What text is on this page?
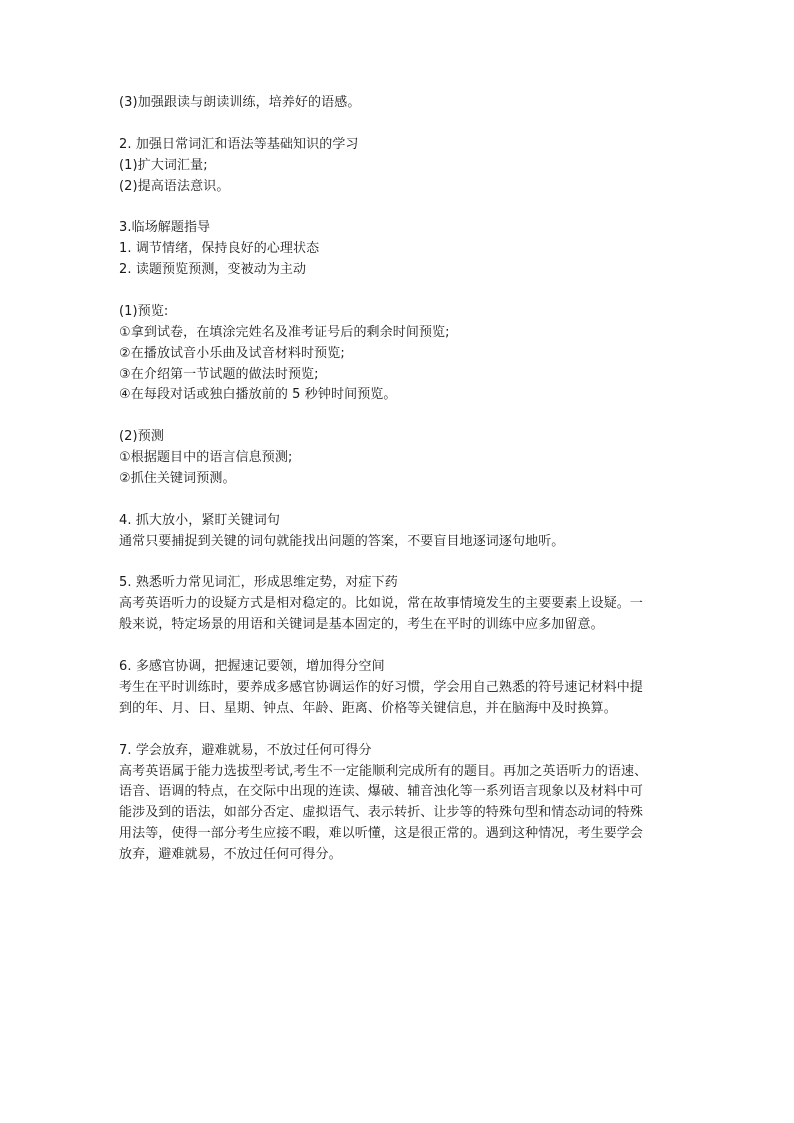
(3)加强跟读与朗读训练，培养好的语感。
2. 加强日常词汇和语法等基础知识的学习
(1)扩大词汇量;
(2)提高语法意识。
3.临场解题指导
1. 调节情绪，保持良好的心理状态
2. 读题预览预测，变被动为主动
(1)预览:
①拿到试卷，在填涂完姓名及准考证号后的剩余时间预览;
②在播放试音小乐曲及试音材料时预览;
③在介绍第一节试题的做法时预览;
④在每段对话或独白播放前的 5 秒钟时间预览。
(2)预测
①根据题目中的语言信息预测;
②抓住关键词预测。
4. 抓大放小，紧盯关键词句
通常只要捕捉到关键的词句就能找出问题的答案，不要盲目地逐词逐句地听。
5. 熟悉听力常见词汇，形成思维定势，对症下药
高考英语听力的设疑方式是相对稳定的。比如说，常在故事情境发生的主要要素上设疑。一
般来说，特定场景的用语和关键词是基本固定的，考生在平时的训练中应多加留意。
6. 多感官协调，把握速记要领，增加得分空间
考生在平时训练时，要养成多感官协调运作的好习惯，学会用自己熟悉的符号速记材料中提
到的年、月、日、星期、钟点、年龄、距离、价格等关键信息，并在脑海中及时换算。
7. 学会放弃，避难就易，不放过任何可得分
高考英语属于能力选拔型考试,考生不一定能顺利完成所有的题目。再加之英语听力的语速、
语音、语调的特点，在交际中出现的连读、爆破、辅音浊化等一系列语言现象以及材料中可
能涉及到的语法，如部分否定、虚拟语气、表示转折、让步等的特殊句型和情态动词的特殊
用法等，使得一部分考生应接不暇，难以听懂，这是很正常的。遇到这种情况，考生要学会
放弃，避难就易，不放过任何可得分。
